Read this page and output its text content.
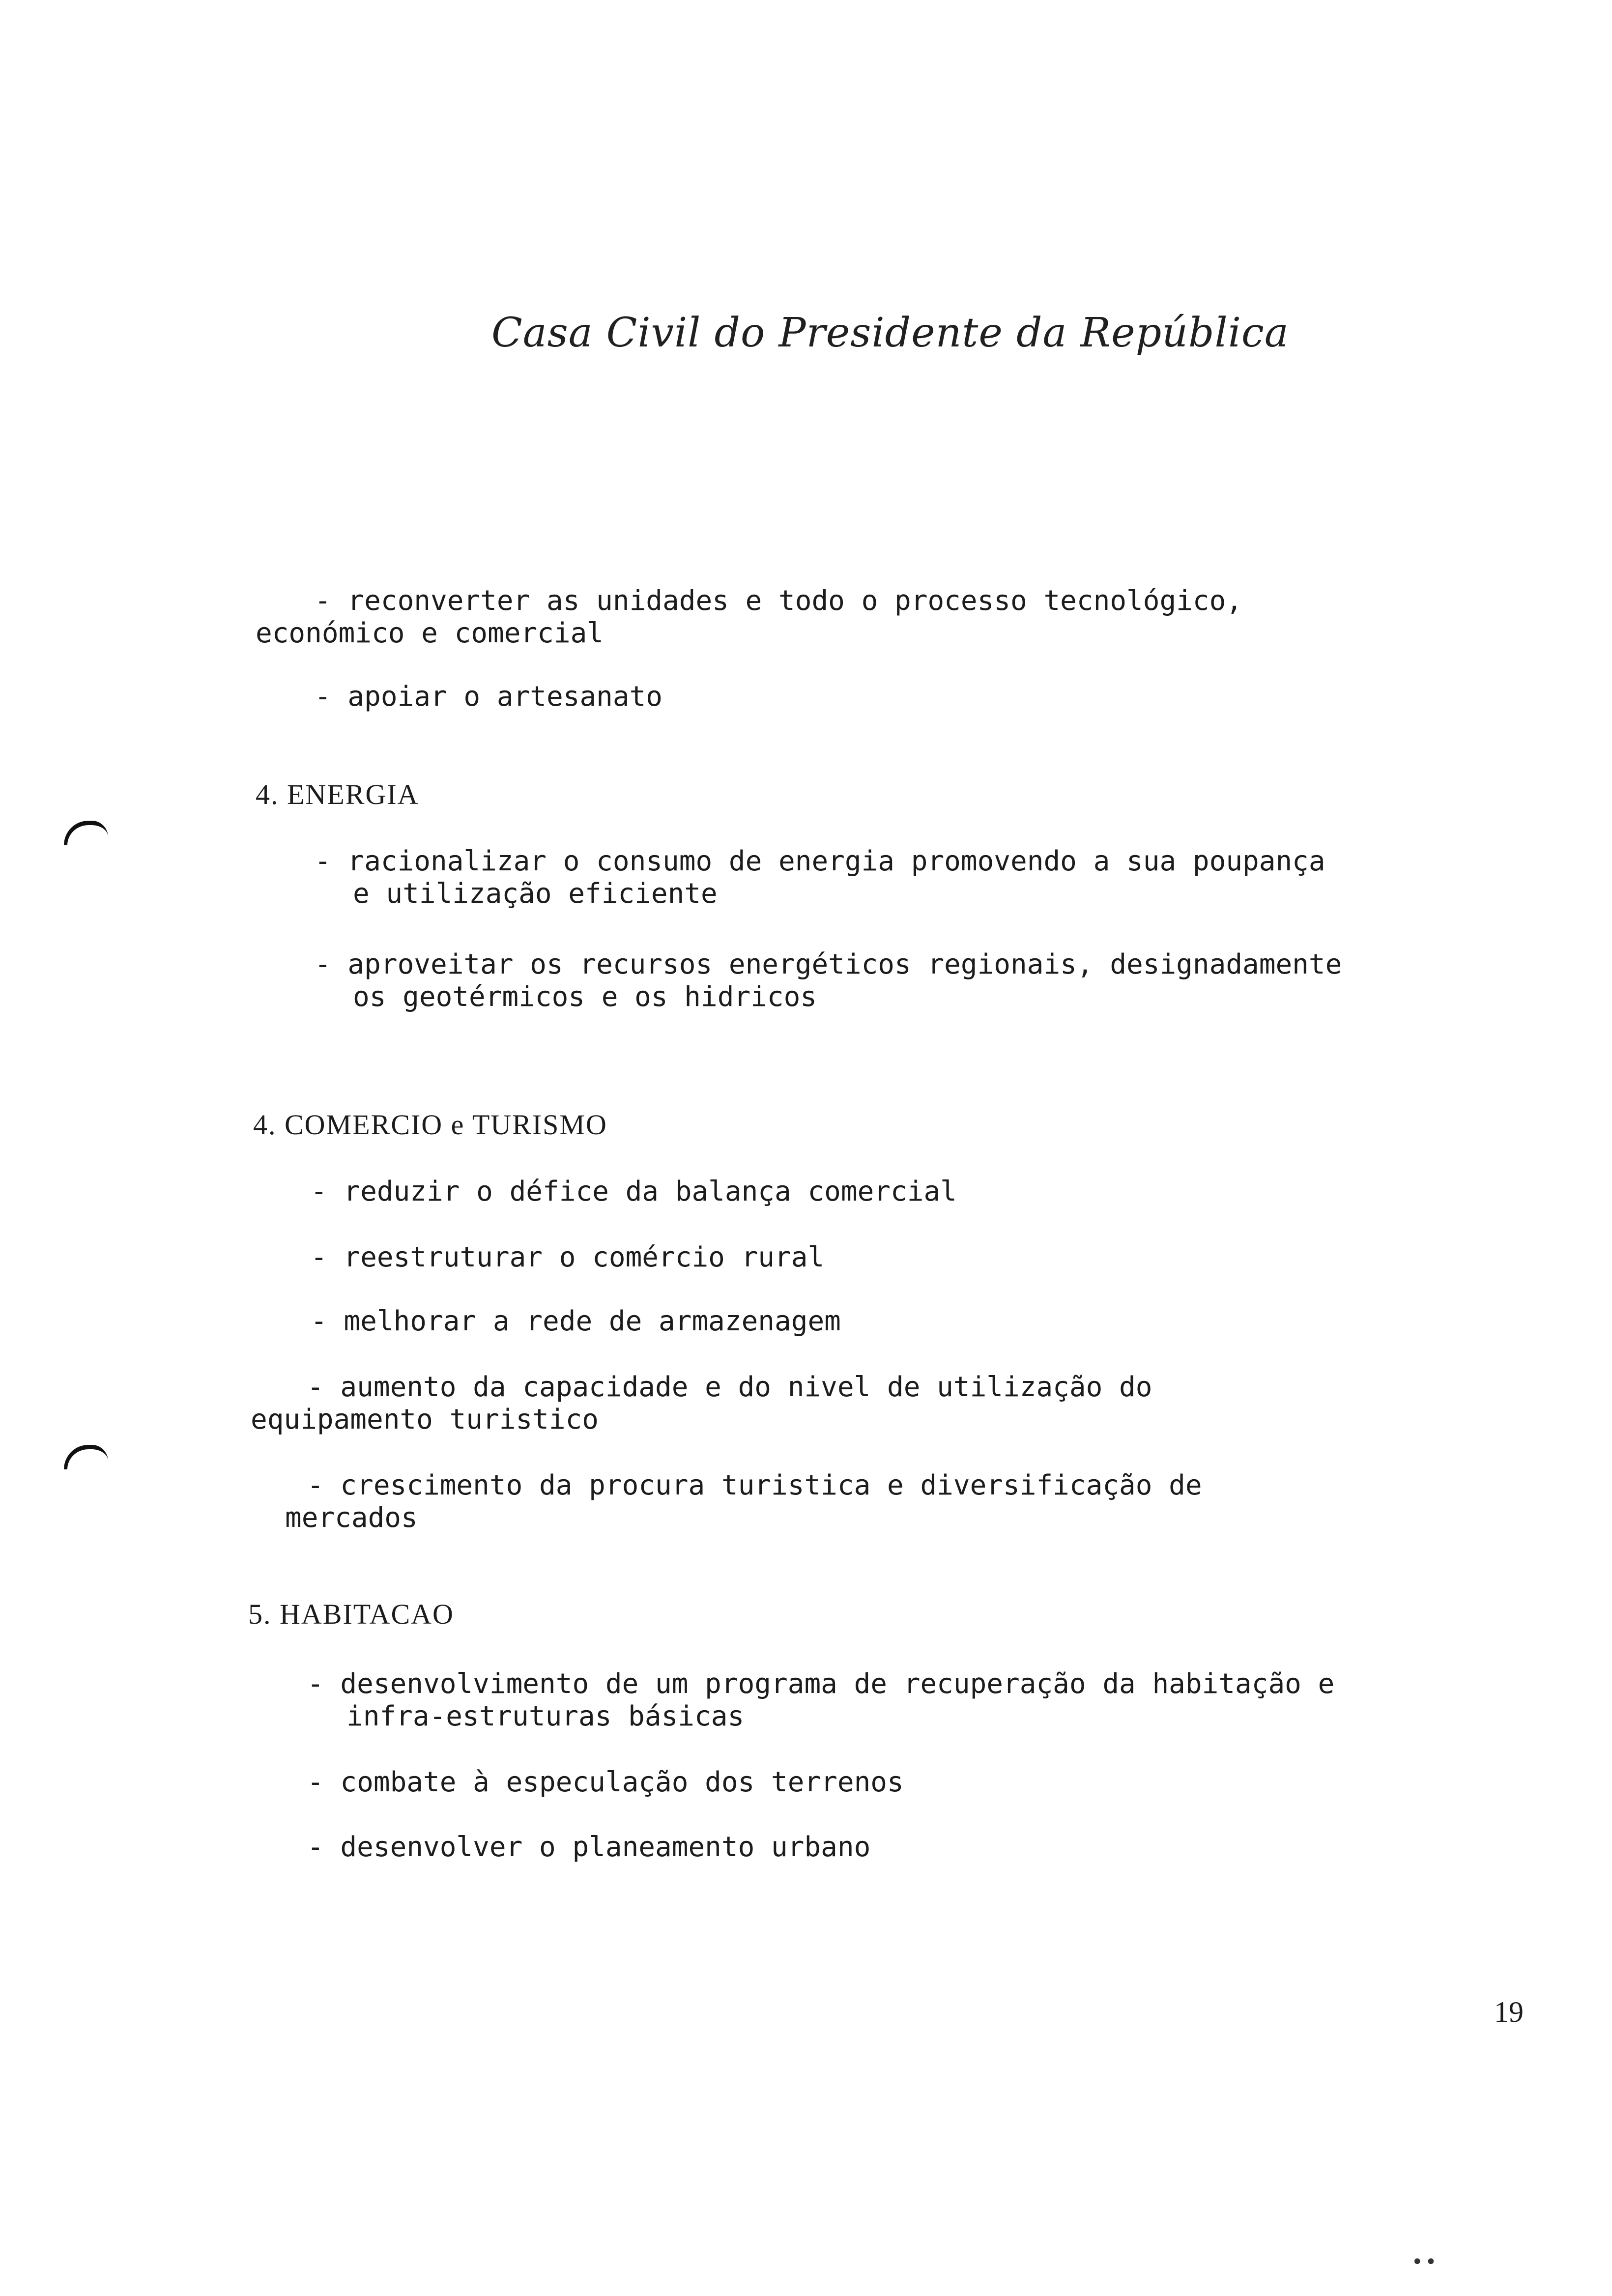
Casa Civil do Presidente da República
- reconverter as unidades e todo o processo tecnológico,
económico e comercial
- apoiar o artesanato
4. ENERGIA
- racionalizar o consumo de energia promovendo a sua poupança
e utilização eficiente
- aproveitar os recursos energéticos regionais, designadamente
os geotérmicos e os hidricos
4. COMERCIO e TURISMO
- reduzir o défice da balança comercial
- reestruturar o comércio rural
- melhorar a rede de armazenagem
- aumento da capacidade e do nivel de utilização do
equipamento turistico
- crescimento da procura turistica e diversificação de
mercados
5. HABITACAO
- desenvolvimento de um programa de recuperação da habitação e
infra-estruturas básicas
- combate à especulação dos terrenos
- desenvolver o planeamento urbano
19
••
